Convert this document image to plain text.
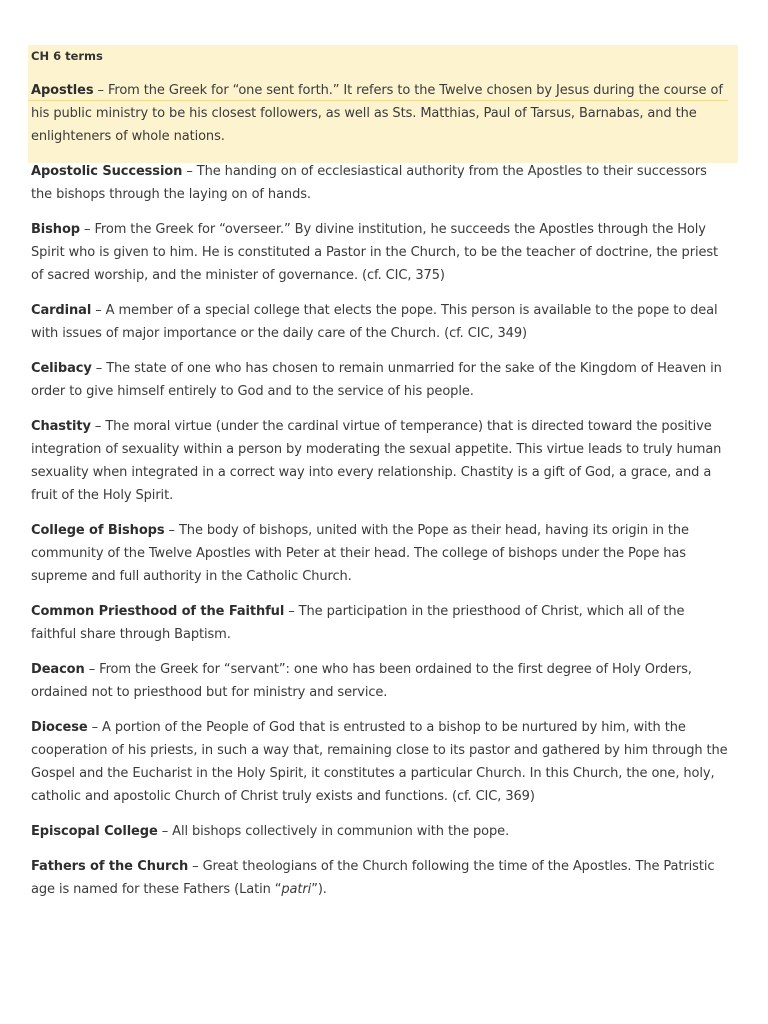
CH 6 terms

Apostles – From the Greek for “one sent forth.” It refers to the Twelve chosen by Jesus during the course of his public ministry to be his closest followers, as well as Sts. Matthias, Paul of Tarsus, Barnabas, and the enlighteners of whole nations.

Apostolic Succession – The handing on of ecclesiastical authority from the Apostles to their successors the bishops through the laying on of hands.

Bishop – From the Greek for “overseer.” By divine institution, he succeeds the Apostles through the Holy Spirit who is given to him. He is constituted a Pastor in the Church, to be the teacher of doctrine, the priest of sacred worship, and the minister of governance. (cf. CIC, 375)

Cardinal – A member of a special college that elects the pope. This person is available to the pope to deal with issues of major importance or the daily care of the Church. (cf. CIC, 349)

Celibacy – The state of one who has chosen to remain unmarried for the sake of the Kingdom of Heaven in order to give himself entirely to God and to the service of his people.

Chastity – The moral virtue (under the cardinal virtue of temperance) that is directed toward the positive integration of sexuality within a person by moderating the sexual appetite. This virtue leads to truly human sexuality when integrated in a correct way into every relationship. Chastity is a gift of God, a grace, and a fruit of the Holy Spirit.

College of Bishops – The body of bishops, united with the Pope as their head, having its origin in the community of the Twelve Apostles with Peter at their head. The college of bishops under the Pope has supreme and full authority in the Catholic Church.

Common Priesthood of the Faithful – The participation in the priesthood of Christ, which all of the faithful share through Baptism.

Deacon – From the Greek for “servant”: one who has been ordained to the first degree of Holy Orders, ordained not to priesthood but for ministry and service.

Diocese – A portion of the People of God that is entrusted to a bishop to be nurtured by him, with the cooperation of his priests, in such a way that, remaining close to its pastor and gathered by him through the Gospel and the Eucharist in the Holy Spirit, it constitutes a particular Church. In this Church, the one, holy, catholic and apostolic Church of Christ truly exists and functions. (cf. CIC, 369)

Episcopal College – All bishops collectively in communion with the pope.

Fathers of the Church – Great theologians of the Church following the time of the Apostles. The Patristic age is named for these Fathers (Latin “patri”).
